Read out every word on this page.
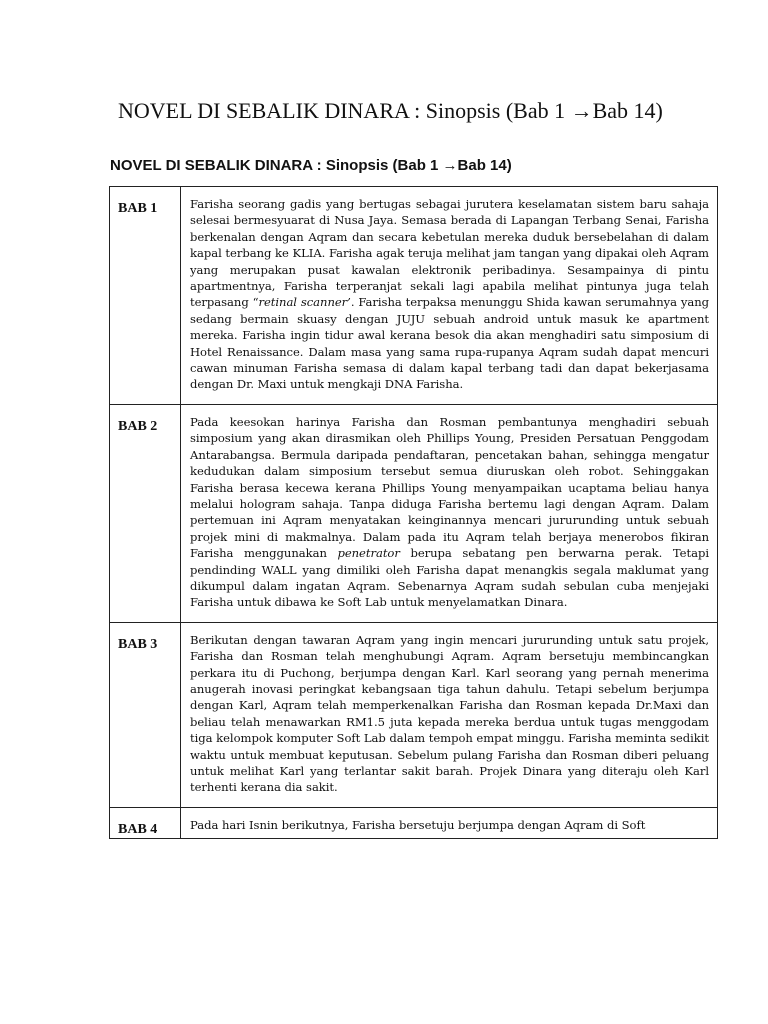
NOVEL DI SEBALIK DINARA : Sinopsis (Bab 1 →Bab 14)
NOVEL DI SEBALIK DINARA : Sinopsis (Bab 1 →Bab 14)
BAB 1	Farisha seorang gadis yang bertugas sebagai jurutera keselamatan sistem baru sahaja selesai bermesyuarat di Nusa Jaya. Semasa berada di Lapangan Terbang Senai, Farisha berkenalan dengan Aqram dan secara kebetulan mereka duduk bersebelahan di dalam kapal terbang ke KLIA. Farisha agak teruja melihat jam tangan yang dipakai oleh Aqram yang merupakan pusat kawalan elektronik peribadinya. Sesampainya di pintu apartmentnya, Farisha terperanjat sekali lagi apabila melihat pintunya juga telah terpasang “retinal scanner’. Farisha terpaksa menunggu Shida kawan serumahnya yang sedang bermain skuasy dengan JUJU sebuah android untuk masuk ke apartment mereka. Farisha ingin tidur awal kerana besok dia akan menghadiri satu simposium di Hotel Renaissance. Dalam masa yang sama rupa-rupanya Aqram sudah dapat mencuri cawan minuman Farisha semasa di dalam kapal terbang tadi dan dapat bekerjasama dengan Dr. Maxi untuk mengkaji DNA Farisha.
BAB 2	Pada keesokan harinya Farisha dan Rosman pembantunya menghadiri sebuah simposium yang akan dirasmikan oleh Phillips Young, Presiden Persatuan Penggodam Antarabangsa. Bermula daripada pendaftaran, pencetakan bahan, sehingga mengatur kedudukan dalam simposium tersebut semua diuruskan oleh robot. Sehinggakan Farisha berasa kecewa kerana Phillips Young menyampaikan ucaptama beliau hanya melalui hologram sahaja. Tanpa diduga Farisha bertemu lagi dengan Aqram. Dalam pertemuan ini Aqram menyatakan keinginannya mencari jururunding untuk sebuah projek mini di makmalnya. Dalam pada itu Aqram telah berjaya menerobos fikiran Farisha menggunakan penetrator berupa sebatang pen berwarna perak. Tetapi pendinding WALL yang dimiliki oleh Farisha dapat menangkis segala maklumat yang dikumpul dalam ingatan Aqram. Sebenarnya Aqram sudah sebulan cuba menjejaki Farisha untuk dibawa ke Soft Lab untuk menyelamatkan Dinara.
BAB 3	Berikutan dengan tawaran Aqram yang ingin mencari jururunding untuk satu projek, Farisha dan Rosman telah menghubungi Aqram. Aqram bersetuju membincangkan perkara itu di Puchong, berjumpa dengan Karl. Karl seorang yang pernah menerima anugerah inovasi peringkat kebangsaan tiga tahun dahulu. Tetapi sebelum berjumpa dengan Karl, Aqram telah memperkenalkan Farisha dan Rosman kepada Dr.Maxi dan beliau telah menawarkan RM1.5 juta kepada mereka berdua untuk tugas menggodam tiga kelompok komputer Soft Lab dalam tempoh empat minggu. Farisha meminta sedikit waktu untuk membuat keputusan. Sebelum pulang Farisha dan Rosman diberi peluang untuk melihat Karl yang terlantar sakit barah. Projek Dinara yang diteraju oleh Karl terhenti kerana dia sakit.
BAB 4	Pada hari Isnin berikutnya, Farisha bersetuju berjumpa dengan Aqram di Soft
